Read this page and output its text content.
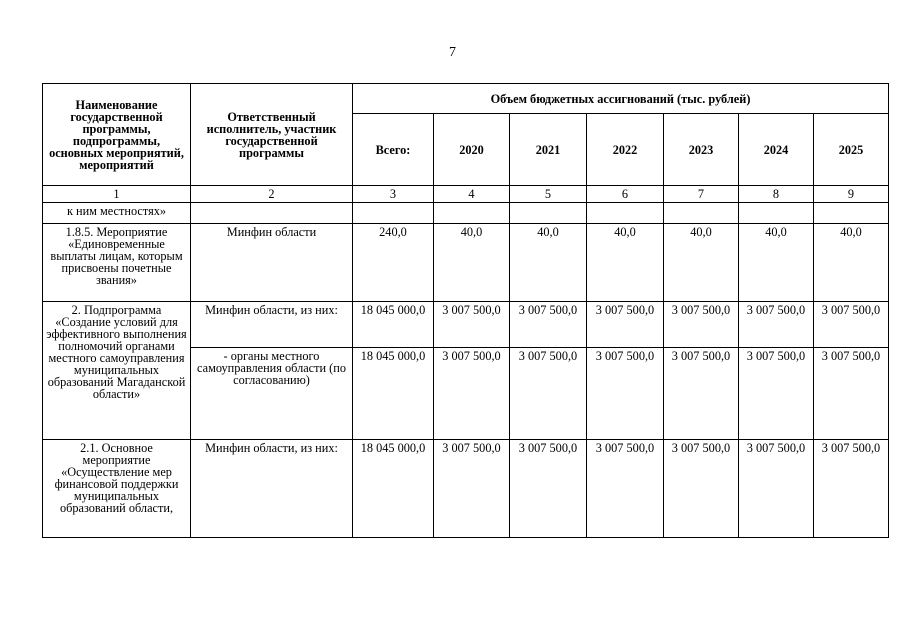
7
Наименование государственной программы, подпрограммы, основных мероприятий, мероприятий	Ответственный исполнитель, участник государственной программы	Объем бюджетных ассигнований (тыс. рублей)						
		Всего:	2020	2021	2022	2023	2024	2025
1	2	3	4	5	6	7	8	9
к ним местностях»								
1.8.5. Мероприятие «Единовременные выплаты лицам, которым присвоены почетные звания»	Минфин области	240,0	40,0	40,0	40,0	40,0	40,0	40,0
2. Подпрограмма «Создание условий для эффективного выполнения полномочий органами местного самоуправления муниципальных образований Магаданской области»	Минфин области, из них:	18 045 000,0	3 007 500,0	3 007 500,0	3 007 500,0	3 007 500,0	3 007 500,0	3 007 500,0
	- органы местного самоуправления области (по согласованию)	18 045 000,0	3 007 500,0	3 007 500,0	3 007 500,0	3 007 500,0	3 007 500,0	3 007 500,0
2.1. Основное мероприятие «Осуществление мер финансовой поддержки муниципальных образований области,	Минфин области, из них:	18 045 000,0	3 007 500,0	3 007 500,0	3 007 500,0	3 007 500,0	3 007 500,0	3 007 500,0
